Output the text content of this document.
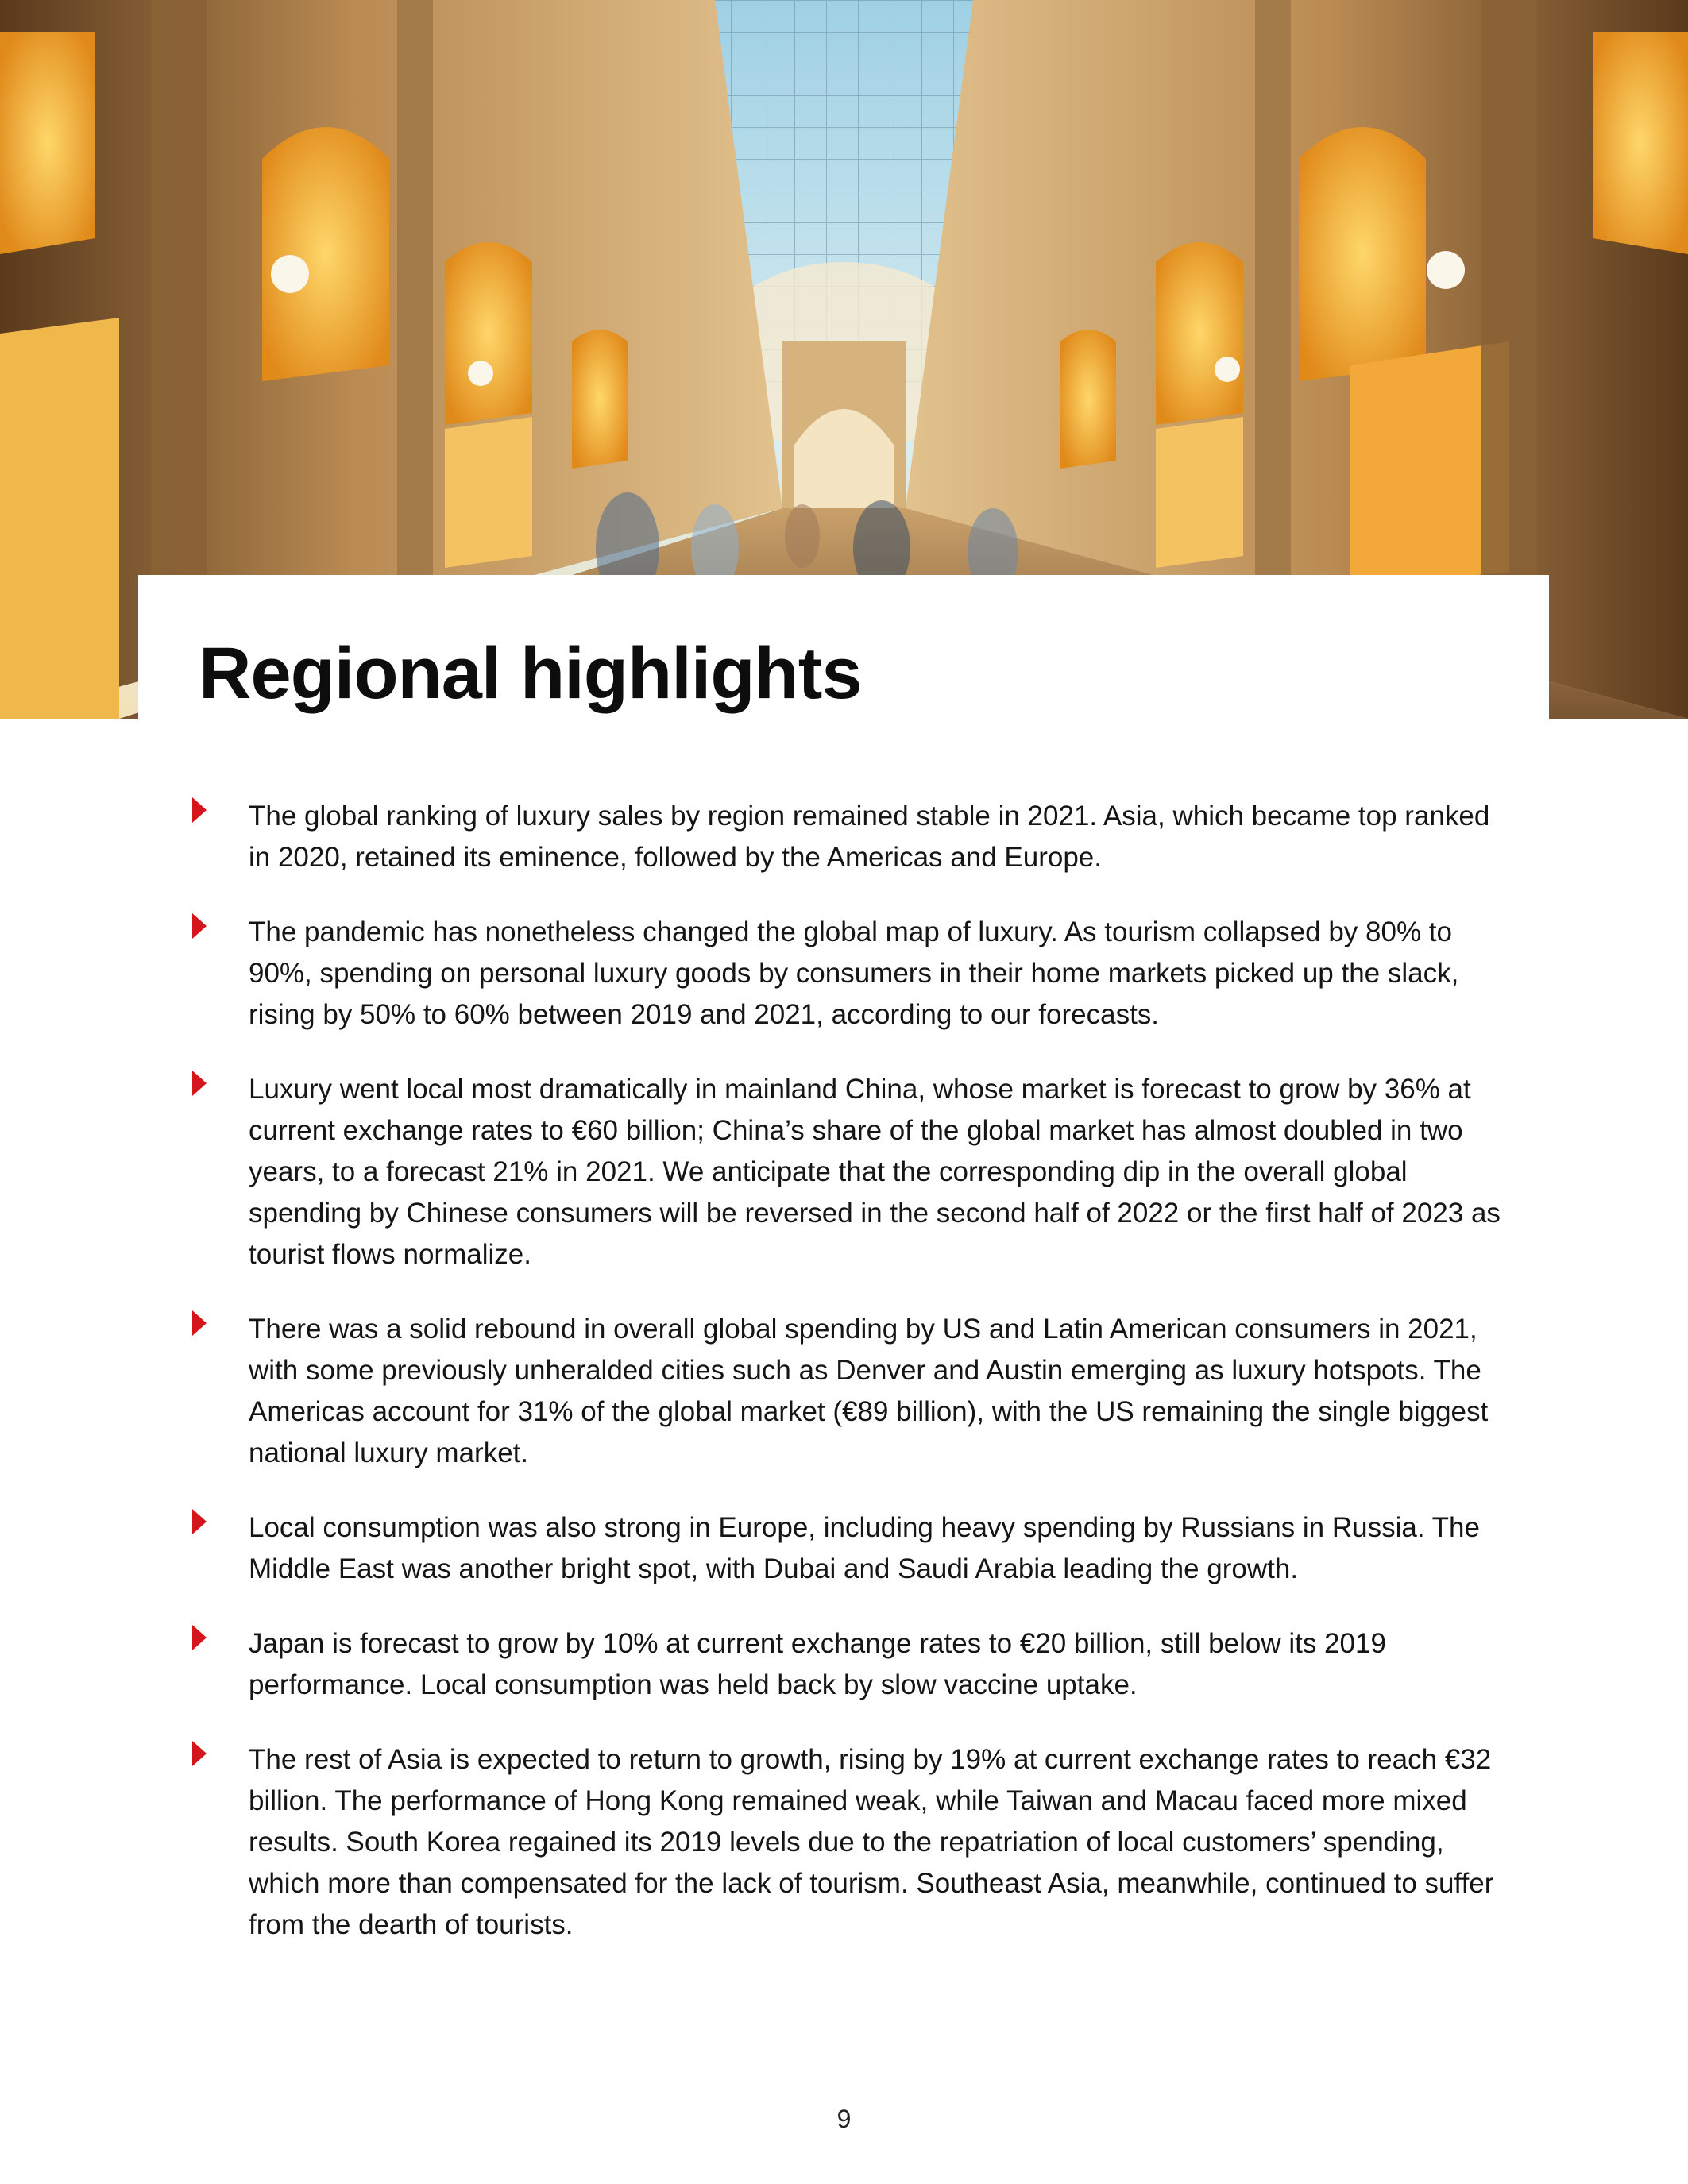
Regional highlights
The global ranking of luxury sales by region remained stable in 2021. Asia, which became top ranked in 2020, retained its eminence, followed by the Americas and Europe.
The pandemic has nonetheless changed the global map of luxury. As tourism collapsed by 80% to 90%, spending on personal luxury goods by consumers in their home markets picked up the slack, rising by 50% to 60% between 2019 and 2021, according to our forecasts.
Luxury went local most dramatically in mainland China, whose market is forecast to grow by 36% at current exchange rates to €60 billion; China’s share of the global market has almost doubled in two years, to a forecast 21% in 2021. We anticipate that the corresponding dip in the overall global spending by Chinese consumers will be reversed in the second half of 2022 or the first half of 2023 as tourist flows normalize.
There was a solid rebound in overall global spending by US and Latin American consumers in 2021, with some previously unheralded cities such as Denver and Austin emerging as luxury hotspots. The Americas account for 31% of the global market (€89 billion), with the US remaining the single biggest national luxury market.
Local consumption was also strong in Europe, including heavy spending by Russians in Russia. The Middle East was another bright spot, with Dubai and Saudi Arabia leading the growth.
Japan is forecast to grow by 10% at current exchange rates to €20 billion, still below its 2019 performance. Local consumption was held back by slow vaccine uptake.
The rest of Asia is expected to return to growth, rising by 19% at current exchange rates to reach €32 billion. The performance of Hong Kong remained weak, while Taiwan and Macau faced more mixed results. South Korea regained its 2019 levels due to the repatriation of local customers’ spending, which more than compensated for the lack of tourism. Southeast Asia, meanwhile, continued to suffer from the dearth of tourists.
9
